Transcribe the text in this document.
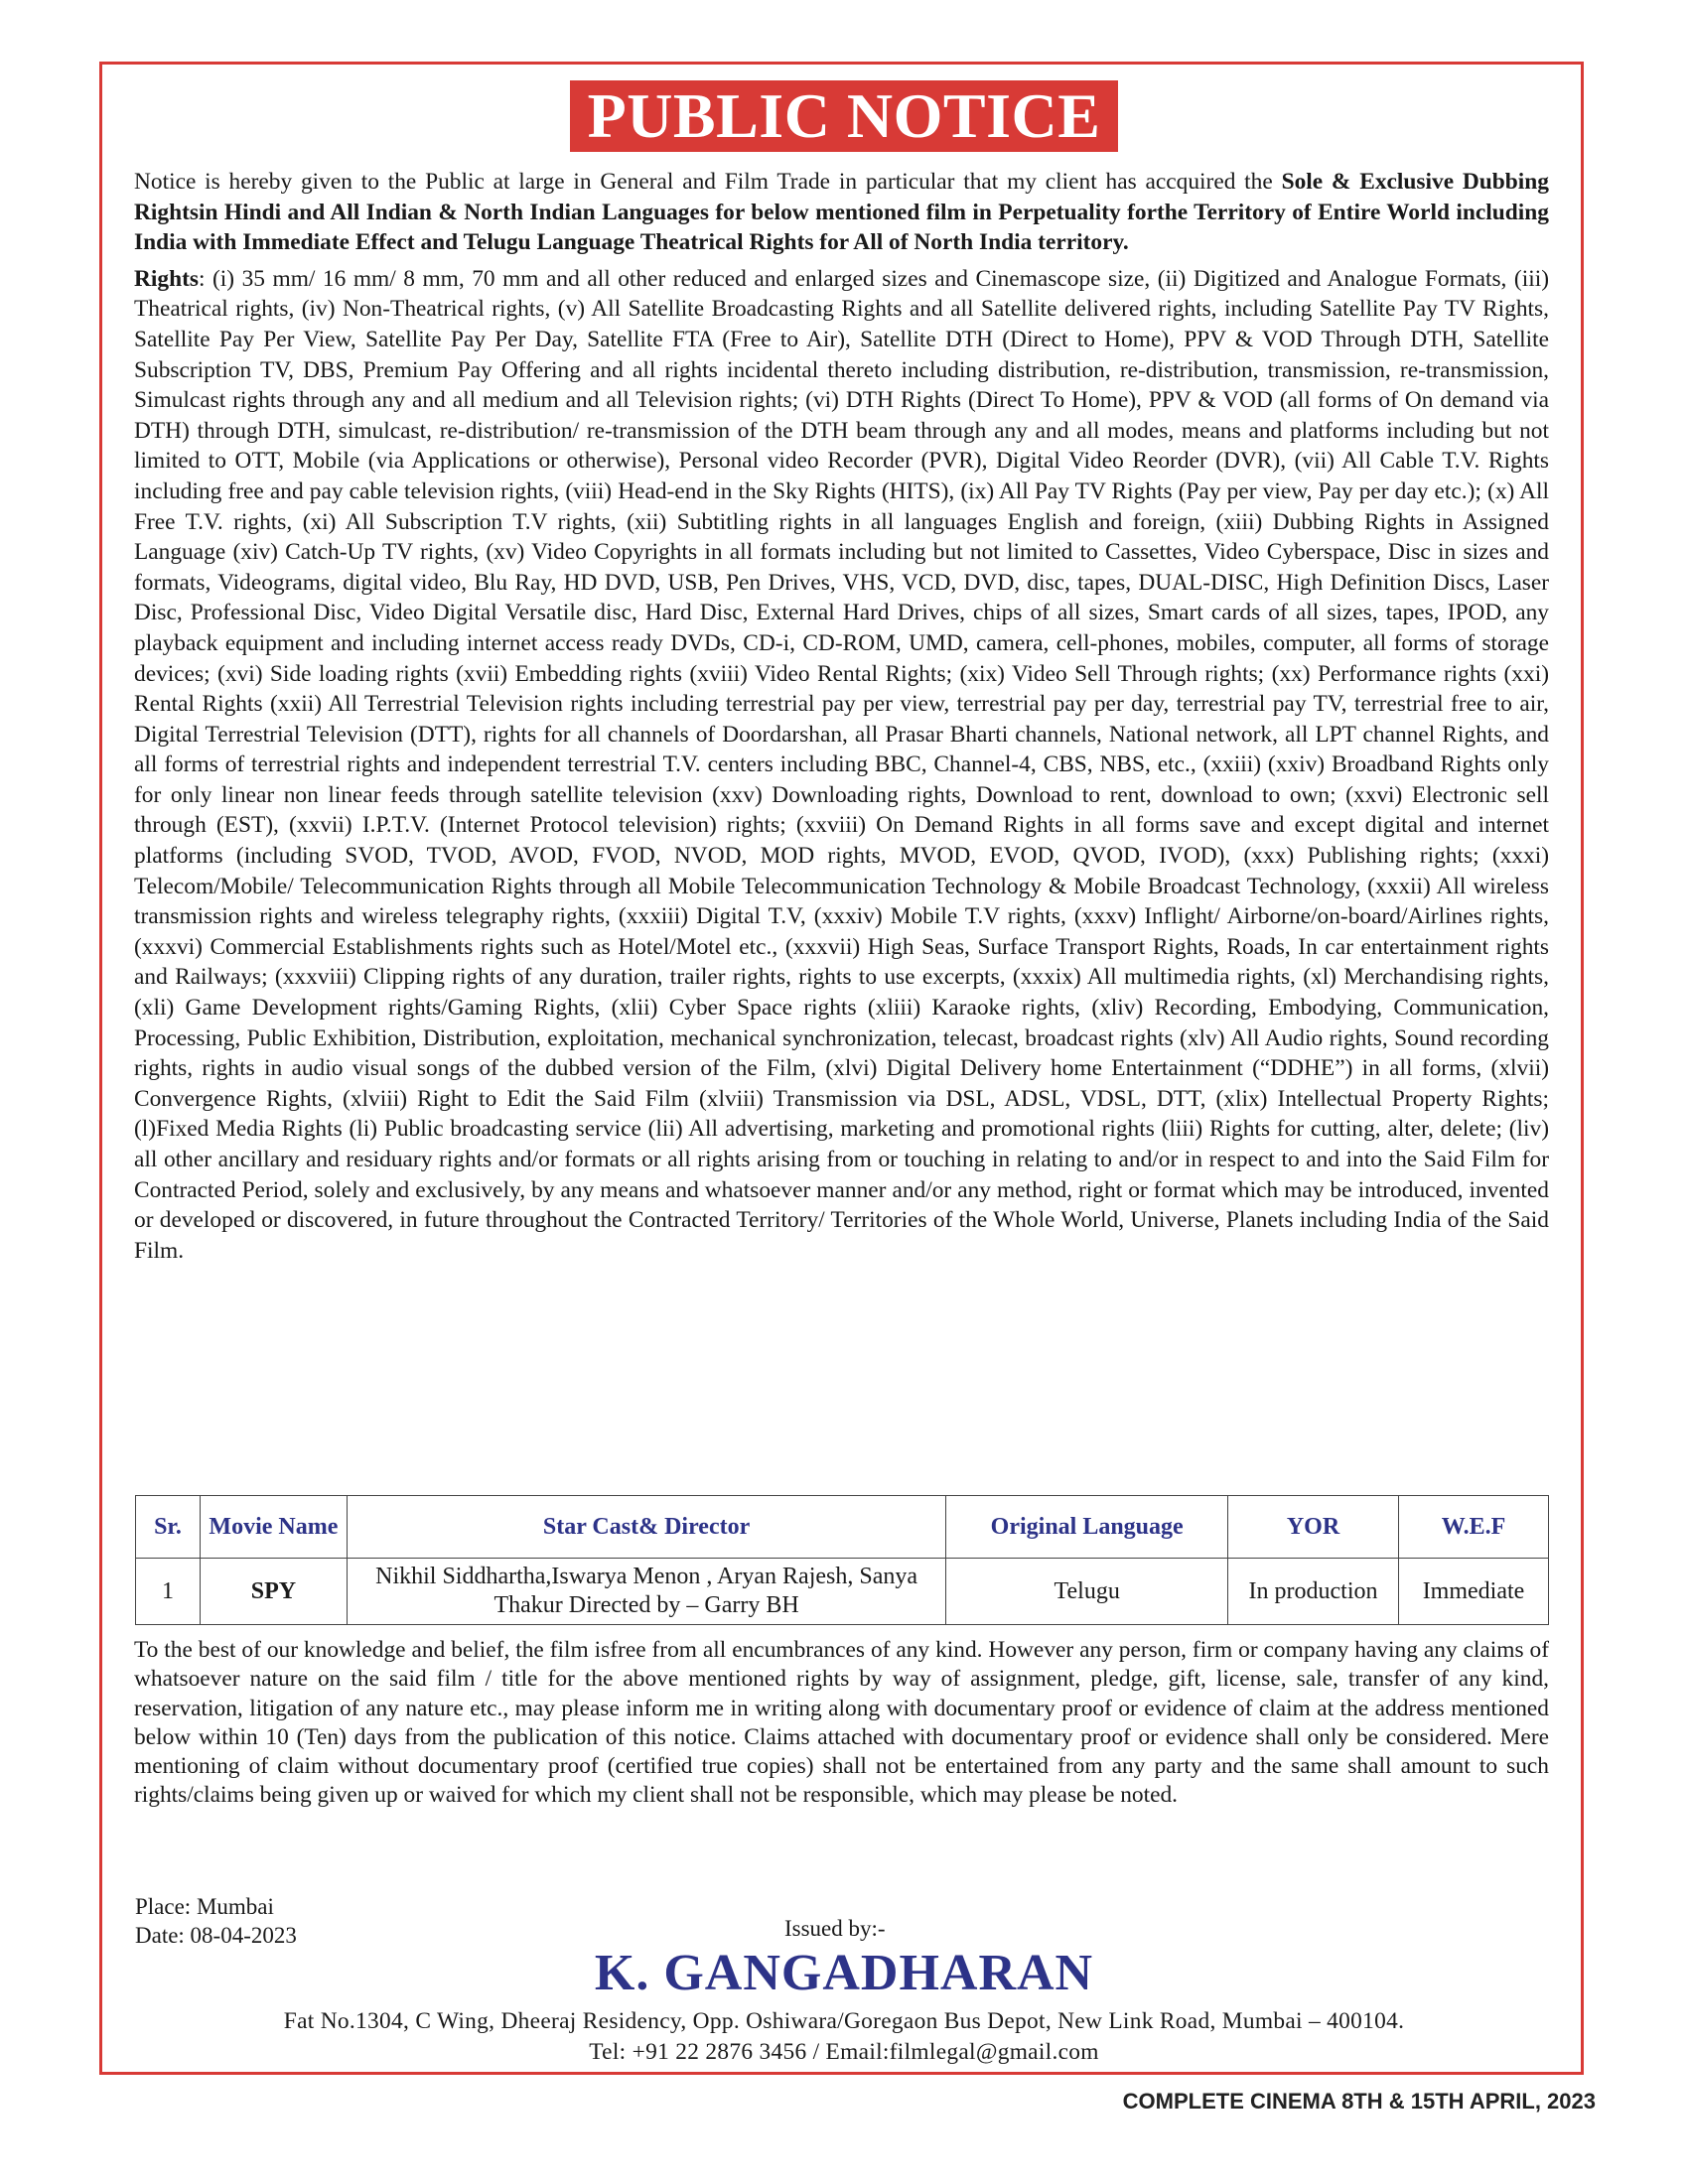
PUBLIC NOTICE

Notice is hereby given to the Public at large in General and Film Trade in particular that my client has accquired the Sole & Exclusive Dubbing Rightsin Hindi and All Indian & North Indian Languages for below mentioned film in Perpetuality forthe Territory of Entire World including India with Immediate Effect and Telugu Language Theatrical Rights for All of North India territory.

Rights: (i) 35 mm/ 16 mm/ 8 mm, 70 mm and all other reduced and enlarged sizes and Cinemascope size, (ii) Digitized and Analogue Formats, (iii) Theatrical rights, (iv) Non-Theatrical rights, (v) All Satellite Broadcasting Rights and all Satellite delivered rights, including Satellite Pay TV Rights, Satellite Pay Per View, Satellite Pay Per Day, Satellite FTA (Free to Air), Satellite DTH (Direct to Home), PPV & VOD Through DTH, Satellite Subscription TV, DBS, Premium Pay Offering and all rights incidental thereto including distribution, re-distribution, transmission, re-transmission, Simulcast rights through any and all medium and all Television rights; (vi) DTH Rights (Direct To Home), PPV & VOD (all forms of On demand via DTH) through DTH, simulcast, re-distribution/ re-transmission of the DTH beam through any and all modes, means and platforms including but not limited to OTT, Mobile (via Applications or otherwise), Personal video Recorder (PVR), Digital Video Reorder (DVR), (vii) All Cable T.V. Rights including free and pay cable television rights, (viii) Head-end in the Sky Rights (HITS), (ix) All Pay TV Rights (Pay per view, Pay per day etc.); (x) All Free T.V. rights, (xi) All Subscription T.V rights, (xii) Subtitling rights in all languages English and foreign, (xiii) Dubbing Rights in Assigned Language (xiv) Catch-Up TV rights, (xv) Video Copyrights in all formats including but not limited to Cassettes, Video Cyberspace, Disc in sizes and formats, Videograms, digital video, Blu Ray, HD DVD, USB, Pen Drives, VHS, VCD, DVD, disc, tapes, DUAL-DISC, High Definition Discs, Laser Disc, Professional Disc, Video Digital Versatile disc, Hard Disc, External Hard Drives, chips of all sizes, Smart cards of all sizes, tapes, IPOD, any playback equipment and including internet access ready DVDs, CD-i, CD-ROM, UMD, camera, cell-phones, mobiles, computer, all forms of storage devices; (xvi) Side loading rights (xvii) Embedding rights (xviii) Video Rental Rights; (xix) Video Sell Through rights; (xx) Performance rights (xxi) Rental Rights (xxii) All Terrestrial Television rights including terrestrial pay per view, terrestrial pay per day, terrestrial pay TV, terrestrial free to air, Digital Terrestrial Television (DTT), rights for all channels of Doordarshan, all Prasar Bharti channels, National network, all LPT channel Rights, and all forms of terrestrial rights and independent terrestrial T.V. centers including BBC, Channel-4, CBS, NBS, etc., (xxiii) (xxiv) Broadband Rights only for only linear non linear feeds through satellite television (xxv) Downloading rights, Download to rent, download to own; (xxvi) Electronic sell through (EST), (xxvii) I.P.T.V. (Internet Protocol television) rights; (xxviii) On Demand Rights in all forms save and except digital and internet platforms (including SVOD, TVOD, AVOD, FVOD, NVOD, MOD rights, MVOD, EVOD, QVOD, IVOD), (xxx) Publishing rights; (xxxi) Telecom/Mobile/ Telecommunication Rights through all Mobile Telecommunication Technology & Mobile Broadcast Technology, (xxxii) All wireless transmission rights and wireless telegraphy rights, (xxxiii) Digital T.V, (xxxiv) Mobile T.V rights, (xxxv) Inflight/ Airborne/on-board/Airlines rights, (xxxvi) Commercial Establishments rights such as Hotel/Motel etc., (xxxvii) High Seas, Surface Transport Rights, Roads, In car entertainment rights and Railways; (xxxviii) Clipping rights of any duration, trailer rights, rights to use excerpts, (xxxix) All multimedia rights, (xl) Merchandising rights, (xli) Game Development rights/Gaming Rights, (xlii) Cyber Space rights (xliii) Karaoke rights, (xliv) Recording, Embodying, Communication, Processing, Public Exhibition, Distribution, exploitation, mechanical synchronization, telecast, broadcast rights (xlv) All Audio rights, Sound recording rights, rights in audio visual songs of the dubbed version of the Film, (xlvi) Digital Delivery home Entertainment (“DDHE”) in all forms, (xlvii) Convergence Rights, (xlviii) Right to Edit the Said Film (xlviii) Transmission via DSL, ADSL, VDSL, DTT, (xlix) Intellectual Property Rights; (l)Fixed Media Rights (li) Public broadcasting service (lii) All advertising, marketing and promotional rights (liii) Rights for cutting, alter, delete; (liv) all other ancillary and residuary rights and/or formats or all rights arising from or touching in relating to and/or in respect to and into the Said Film for Contracted Period, solely and exclusively, by any means and whatsoever manner and/or any method, right or format which may be introduced, invented or developed or discovered, in future throughout the Contracted Territory/ Territories of the Whole World, Universe, Planets including India of the Said Film.

Sr.	Movie Name	Star Cast& Director	Original Language	YOR	W.E.F
1	SPY	Nikhil Siddhartha,Iswarya Menon , Aryan Rajesh, Sanya Thakur Directed by – Garry BH	Telugu	In production	Immediate

To the best of our knowledge and belief, the film isfree from all encumbrances of any kind. However any person, firm or company having any claims of whatsoever nature on the said film / title for the above mentioned rights by way of assignment, pledge, gift, license, sale, transfer of any kind, reservation, litigation of any nature etc., may please inform me in writing along with documentary proof or evidence of claim at the address mentioned below within 10 (Ten) days from the publication of this notice. Claims attached with documentary proof or evidence shall only be considered. Mere mentioning of claim without documentary proof (certified true copies) shall not be entertained from any party and the same shall amount to such rights/claims being given up or waived for which my client shall not be responsible, which may please be noted.

Place: Mumbai
Date: 08-04-2023	Issued by:-
K. GANGADHARAN
Fat No.1304, C Wing, Dheeraj Residency, Opp. Oshiwara/Goregaon Bus Depot, New Link Road, Mumbai – 400104.
Tel: +91 22 2876 3456 / Email:filmlegal@gmail.com
COMPLETE CINEMA 8TH & 15TH APRIL, 2023
